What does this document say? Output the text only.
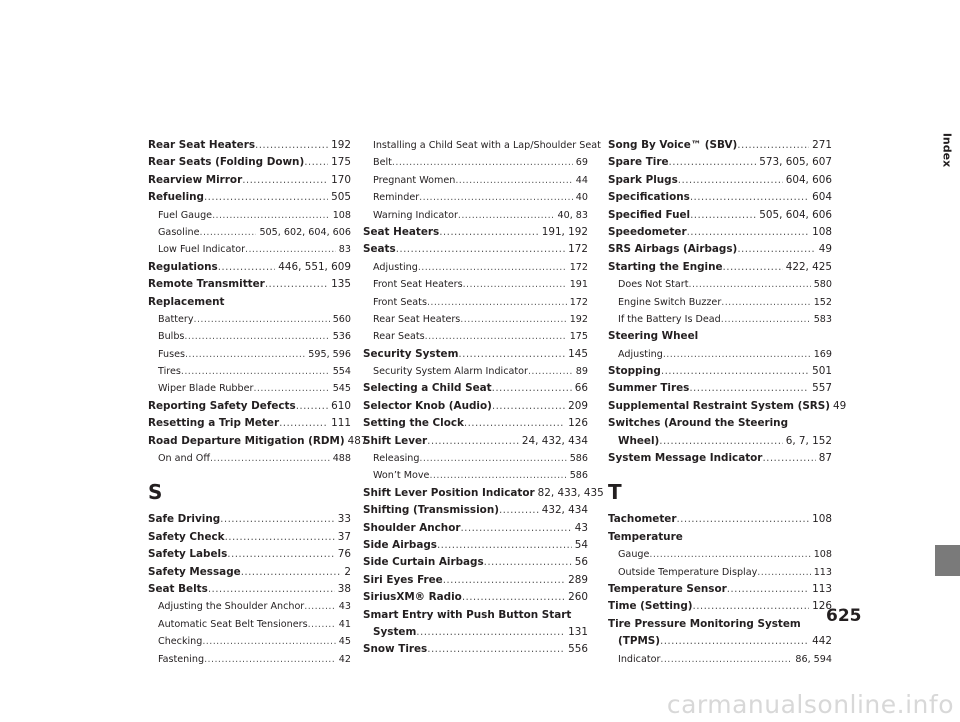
Rear Seat Heaters .....	192
Rear Seats (Folding Down) .....	175
Rearview Mirror .....	170
Refueling .....	505
Fuel Gauge .....	108
Gasoline .....	505, 602, 604, 606
Low Fuel Indicator .....	83
Regulations .....	446, 551, 609
Remote Transmitter .....	135
Replacement
Battery .....	560
Bulbs .....	536
Fuses .....	595, 596
Tires .....	554
Wiper Blade Rubber .....	545
Reporting Safety Defects .....	610
Resetting a Trip Meter .....	111
Road Departure Mitigation (RDM) 487
On and Off .....	488
S
Safe Driving .....	33
Safety Check .....	37
Safety Labels .....	76
Safety Message .....	2
Seat Belts .....	38
Adjusting the Shoulder Anchor .....	43
Automatic Seat Belt Tensioners .....	41
Checking .....	45
Fastening .....	42
Installing a Child Seat with a Lap/Shoulder Seat
Belt .....	69
Pregnant Women .....	44
Reminder .....	40
Warning Indicator .....	40, 83
Seat Heaters .....	191, 192
Seats .....	172
Adjusting .....	172
Front Seat Heaters .....	191
Front Seats .....	172
Rear Seat Heaters .....	192
Rear Seats .....	175
Security System .....	145
Security System Alarm Indicator .....	89
Selecting a Child Seat .....	66
Selector Knob (Audio) .....	209
Setting the Clock .....	126
Shift Lever .....	24, 432, 434
Releasing .....	586
Won’t Move .....	586
Shift Lever Position Indicator 82, 433, 435
Shifting (Transmission) .....	432, 434
Shoulder Anchor .....	43
Side Airbags .....	54
Side Curtain Airbags .....	56
Siri Eyes Free .....	289
SiriusXM® Radio .....	260
Smart Entry with Push Button Start
System .....	131
Snow Tires .....	556
Song By Voice™ (SBV) .....	271
Spare Tire .....	573, 605, 607
Spark Plugs .....	604, 606
Specifications .....	604
Specified Fuel .....	505, 604, 606
Speedometer .....	108
SRS Airbags (Airbags) .....	49
Starting the Engine .....	422, 425
Does Not Start .....	580
Engine Switch Buzzer .....	152
If the Battery Is Dead .....	583
Steering Wheel
Adjusting .....	169
Stopping .....	501
Summer Tires .....	557
Supplemental Restraint System (SRS) 49
Switches (Around the Steering
Wheel) .....	6, 7, 152
System Message Indicator .....	87
T
Tachometer .....	108
Temperature
Gauge .....	108
Outside Temperature Display .....	113
Temperature Sensor .....	113
Time (Setting) .....	126
Tire Pressure Monitoring System
(TPMS) .....	442
Indicator .....	86, 594
Index
625
carmanualsonline.info
